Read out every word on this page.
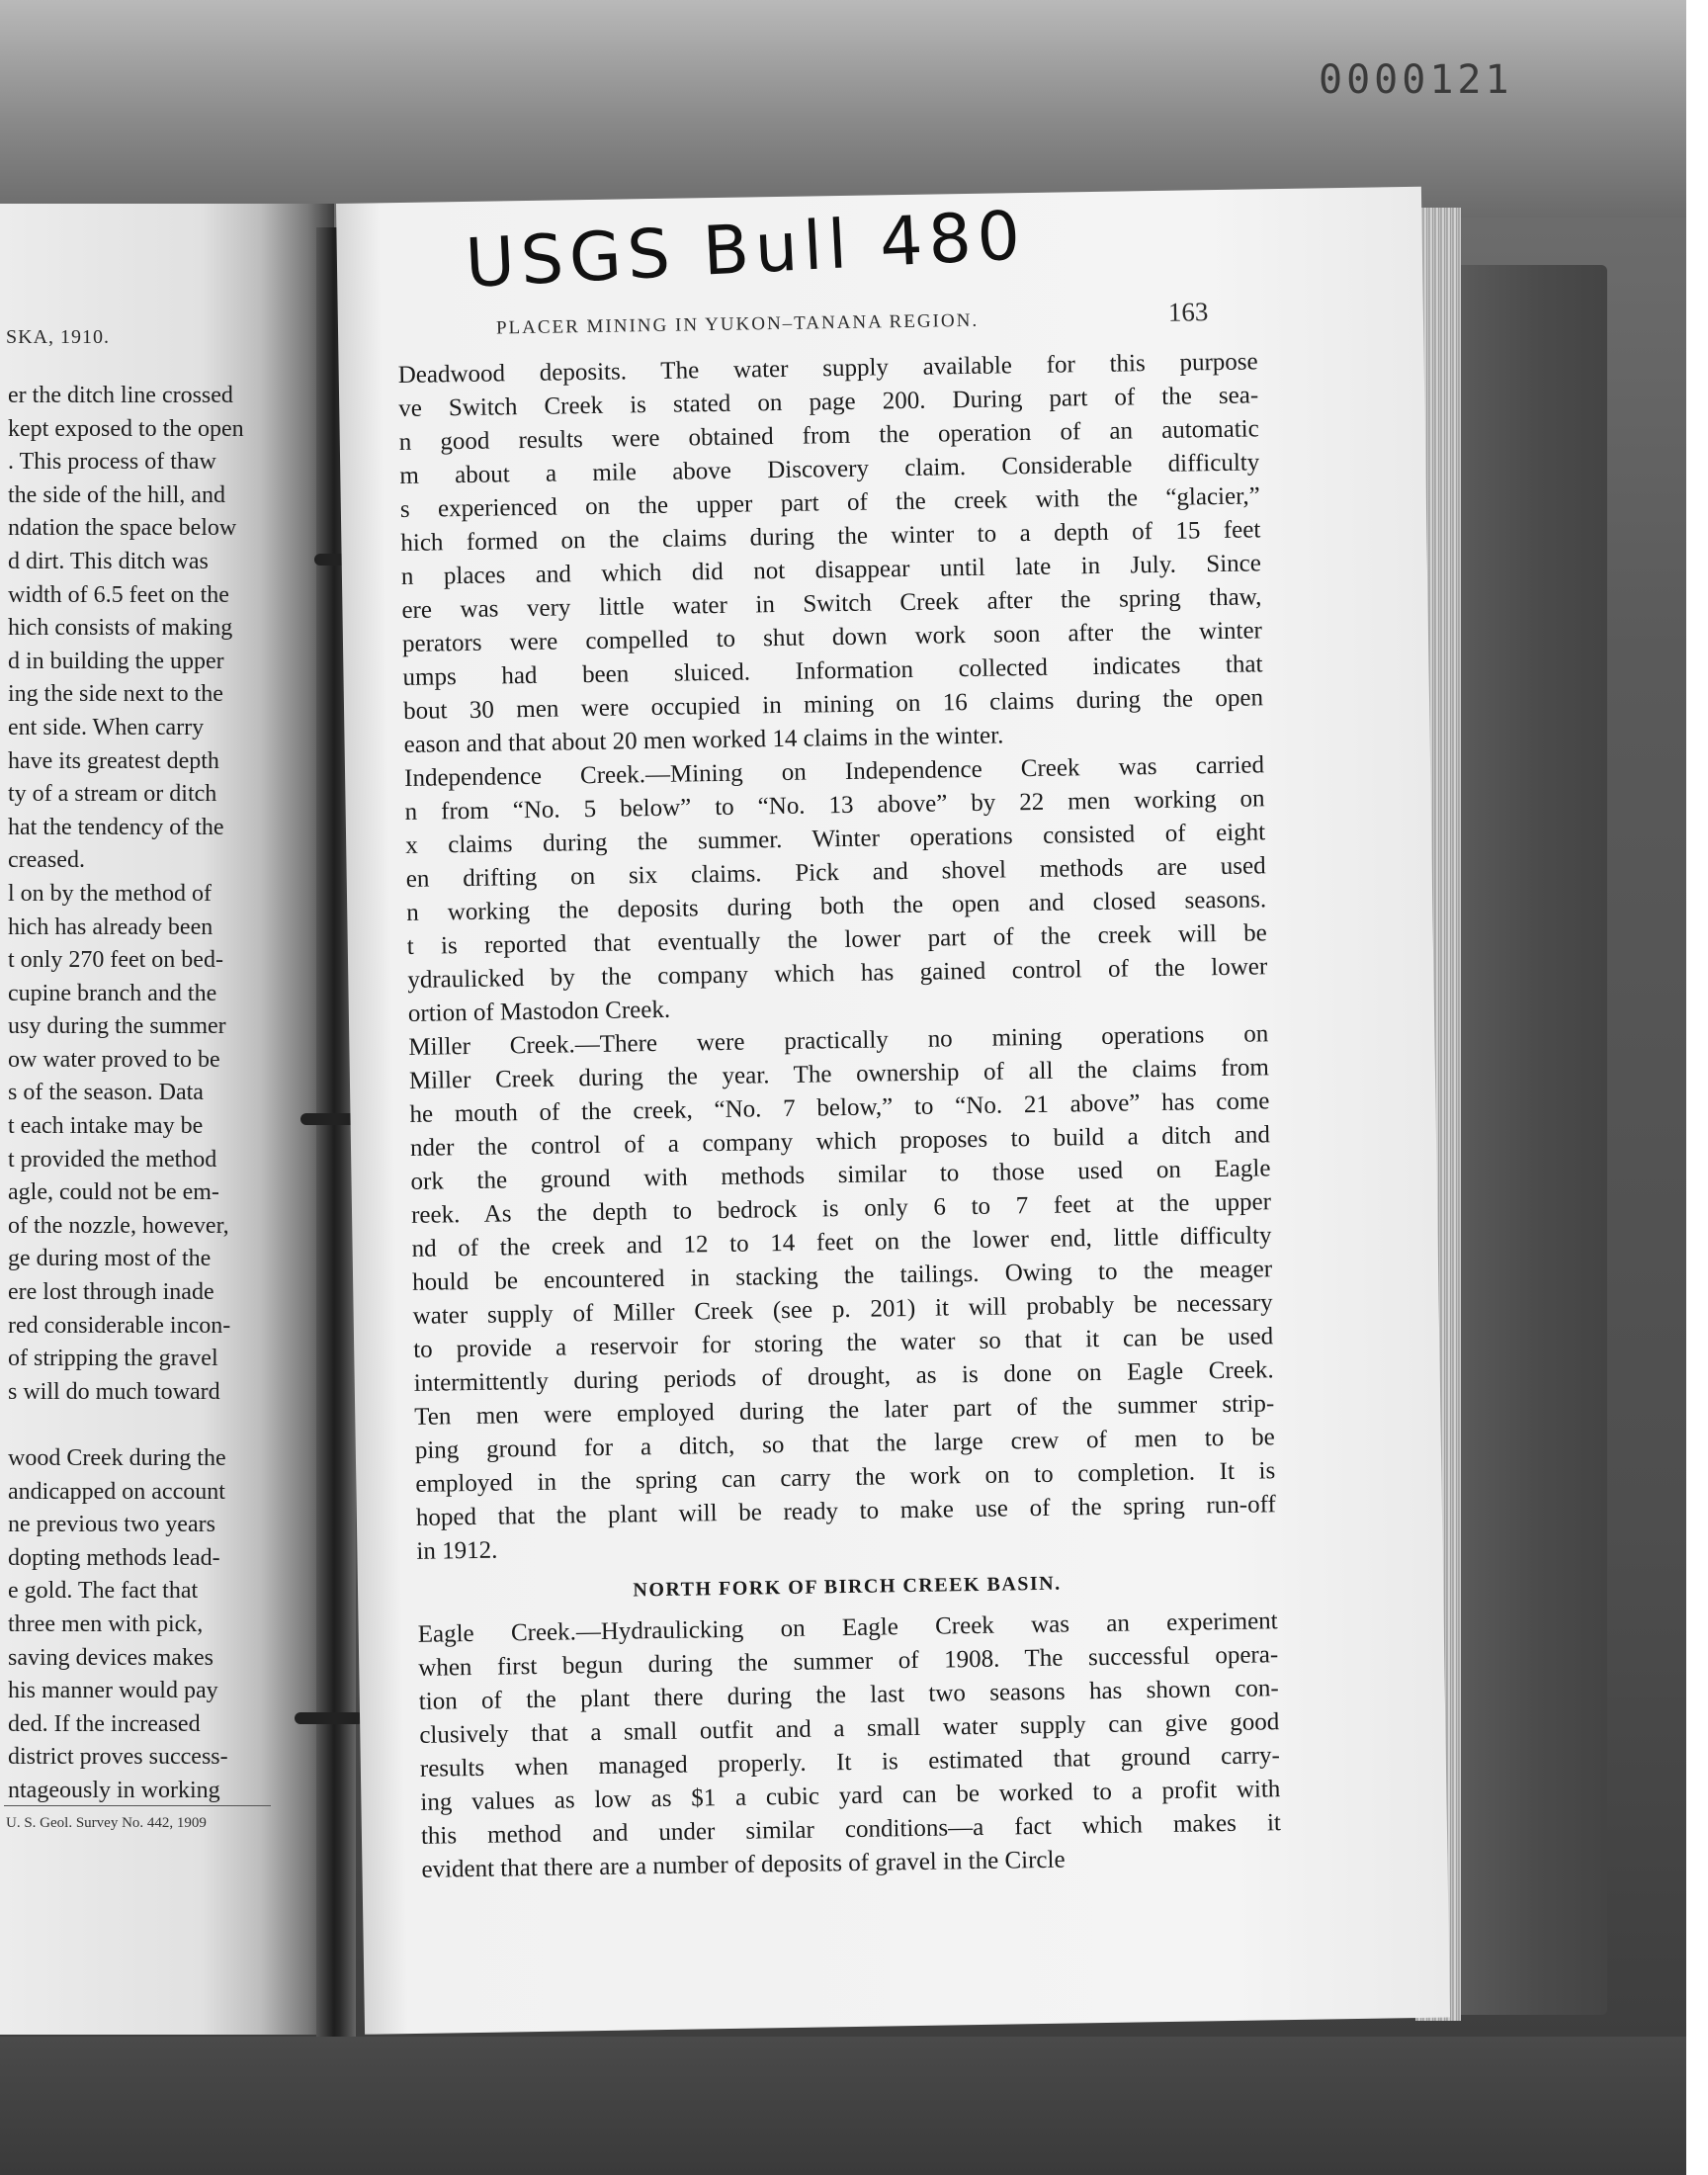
0000121
SKA, 1910.
er the ditch line crossed
kept exposed to the open
. This process of thaw
the side of the hill, and
ndation the space below
d dirt. This ditch was
width of 6.5 feet on the
hich consists of making
d in building the upper
ing the side next to the
ent side. When carry
have its greatest depth
ty of a stream or ditch
hat the tendency of the
creased.
l on by the method of
hich has already been
t only 270 feet on bed-
cupine branch and the
usy during the summer
ow water proved to be
s of the season. Data
t each intake may be
t provided the method
agle, could not be em-
of the nozzle, however,
ge during most of the
ere lost through inade
red considerable incon-
of stripping the gravel
s will do much toward
wood Creek during the
andicapped on account
ne previous two years
dopting methods lead-
e gold. The fact that
three men with pick,
saving devices makes
his manner would pay
ded. If the increased
district proves success-
ntageously in working
U. S. Geol. Survey No. 442, 1909
USGS Bull 480
PLACER MINING IN YUKON–TANANA REGION.	163
Deadwood deposits. The water supply available for this purpose
ve Switch Creek is stated on page 200. During part of the sea-
n good results were obtained from the operation of an automatic
m about a mile above Discovery claim. Considerable difficulty
s experienced on the upper part of the creek with the “glacier,”
hich formed on the claims during the winter to a depth of 15 feet
n places and which did not disappear until late in July. Since
ere was very little water in Switch Creek after the spring thaw,
perators were compelled to shut down work soon after the winter
umps had been sluiced. Information collected indicates that
bout 30 men were occupied in mining on 16 claims during the open
eason and that about 20 men worked 14 claims in the winter.
Independence Creek.—Mining on Independence Creek was carried
n from “No. 5 below” to “No. 13 above” by 22 men working on
x claims during the summer. Winter operations consisted of eight
en drifting on six claims. Pick and shovel methods are used
n working the deposits during both the open and closed seasons.
t is reported that eventually the lower part of the creek will be
ydraulicked by the company which has gained control of the lower
ortion of Mastodon Creek.
Miller Creek.—There were practically no mining operations on
Miller Creek during the year. The ownership of all the claims from
he mouth of the creek, “No. 7 below,” to “No. 21 above” has come
nder the control of a company which proposes to build a ditch and
ork the ground with methods similar to those used on Eagle
reek. As the depth to bedrock is only 6 to 7 feet at the upper
nd of the creek and 12 to 14 feet on the lower end, little difficulty
hould be encountered in stacking the tailings. Owing to the meager
water supply of Miller Creek (see p. 201) it will probably be necessary
to provide a reservoir for storing the water so that it can be used
intermittently during periods of drought, as is done on Eagle Creek.
Ten men were employed during the later part of the summer strip-
ping ground for a ditch, so that the large crew of men to be
employed in the spring can carry the work on to completion. It is
hoped that the plant will be ready to make use of the spring run-off
in 1912.
NORTH FORK OF BIRCH CREEK BASIN.
Eagle Creek.—Hydraulicking on Eagle Creek was an experiment
when first begun during the summer of 1908. The successful opera-
tion of the plant there during the last two seasons has shown con-
clusively that a small outfit and a small water supply can give good
results when managed properly. It is estimated that ground carry-
ing values as low as $1 a cubic yard can be worked to a profit with
this method and under similar conditions—a fact which makes it
evident that there are a number of deposits of gravel in the Circle
